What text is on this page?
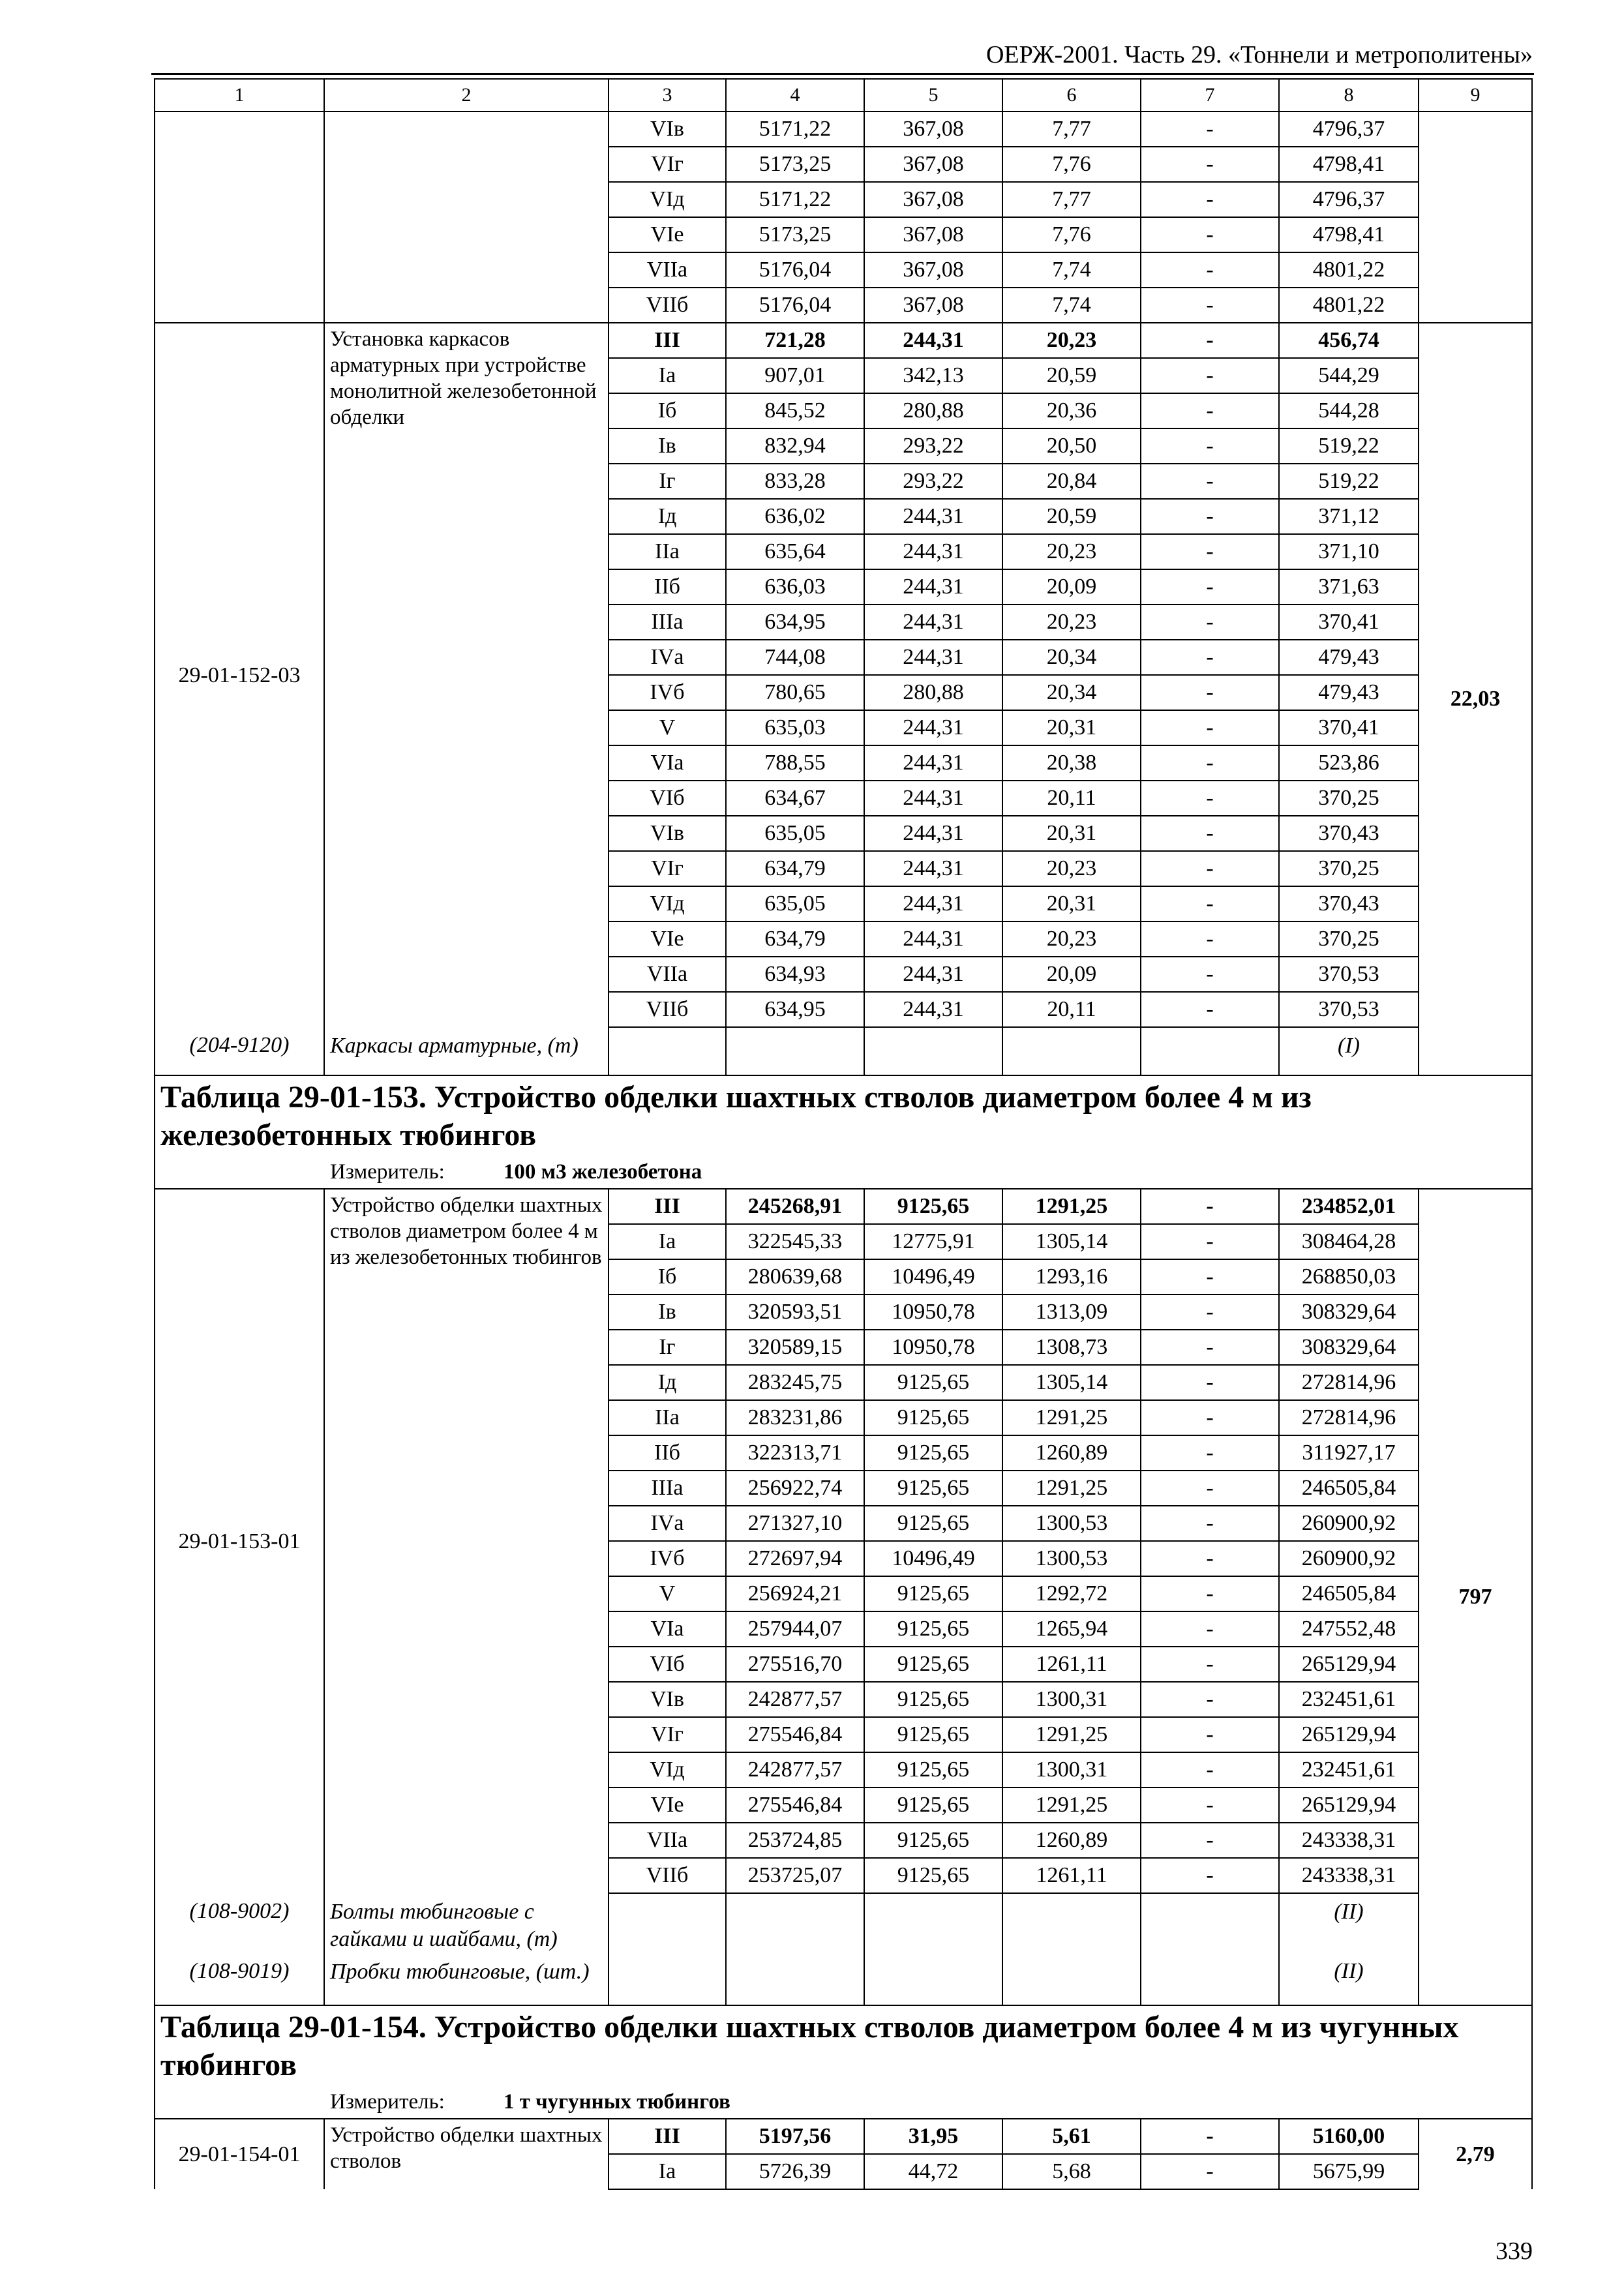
ОЕРЖ-2001. Часть 29. «Тоннели и метрополитены»
1	2	3	4	5	6	7	8	9
		VIв	5171,22	367,08	7,77	-	4796,37	
		VIг	5173,25	367,08	7,76	-	4798,41	
		VIд	5171,22	367,08	7,77	-	4796,37	
		VIе	5173,25	367,08	7,76	-	4798,41	
		VIIа	5176,04	367,08	7,74	-	4801,22	
		VIIб	5176,04	367,08	7,74	-	4801,22	
29-01-152-03	Установка каркасов арматурных при устройстве монолитной железобетонной обделки	III	721,28	244,31	20,23	-	456,74	22,03
		Iа	907,01	342,13	20,59	-	544,29	
		Iб	845,52	280,88	20,36	-	544,28	
		Iв	832,94	293,22	20,50	-	519,22	
		Iг	833,28	293,22	20,84	-	519,22	
		Iд	636,02	244,31	20,59	-	371,12	
		IIа	635,64	244,31	20,23	-	371,10	
		IIб	636,03	244,31	20,09	-	371,63	
		IIIа	634,95	244,31	20,23	-	370,41	
		IVа	744,08	244,31	20,34	-	479,43	
		IVб	780,65	280,88	20,34	-	479,43	
		V	635,03	244,31	20,31	-	370,41	
		VIа	788,55	244,31	20,38	-	523,86	
		VIб	634,67	244,31	20,11	-	370,25	
		VIв	635,05	244,31	20,31	-	370,43	
		VIг	634,79	244,31	20,23	-	370,25	
		VIд	635,05	244,31	20,31	-	370,43	
		VIе	634,79	244,31	20,23	-	370,25	
		VIIа	634,93	244,31	20,09	-	370,53	
		VIIб	634,95	244,31	20,11	-	370,53	
(204-9120)	Каркасы арматурные, (т)						(I)	

Таблица 29-01-153. Устройство обделки шахтных стволов диаметром более 4 м из железобетонных тюбингов
Измеритель: 100 м3 железобетона								

29-01-153-01	Устройство обделки шахтных стволов диаметром более 4 м из железобетонных тюбингов	III	245268,91	9125,65	1291,25	-	234852,01	797
		Iа	322545,33	12775,91	1305,14	-	308464,28	
		Iб	280639,68	10496,49	1293,16	-	268850,03	
		Iв	320593,51	10950,78	1313,09	-	308329,64	
		Iг	320589,15	10950,78	1308,73	-	308329,64	
		Iд	283245,75	9125,65	1305,14	-	272814,96	
		IIа	283231,86	9125,65	1291,25	-	272814,96	
		IIб	322313,71	9125,65	1260,89	-	311927,17	
		IIIа	256922,74	9125,65	1291,25	-	246505,84	
		IVа	271327,10	9125,65	1300,53	-	260900,92	
		IVб	272697,94	10496,49	1300,53	-	260900,92	
		V	256924,21	9125,65	1292,72	-	246505,84	
		VIа	257944,07	9125,65	1265,94	-	247552,48	
		VIб	275516,70	9125,65	1261,11	-	265129,94	
		VIв	242877,57	9125,65	1300,31	-	232451,61	
		VIг	275546,84	9125,65	1291,25	-	265129,94	
		VIд	242877,57	9125,65	1300,31	-	232451,61	
		VIе	275546,84	9125,65	1291,25	-	265129,94	
		VIIа	253724,85	9125,65	1260,89	-	243338,31	
		VIIб	253725,07	9125,65	1261,11	-	243338,31	
(108-9002)	Болты тюбинговые с гайками и шайбами, (т)						(II)	
(108-9019)	Пробки тюбинговые, (шт.)						(II)	

Таблица 29-01-154. Устройство обделки шахтных стволов диаметром более 4 м из чугунных тюбингов
Измеритель: 1 т чугунных тюбингов								

29-01-154-01	Устройство обделки шахтных стволов	III	5197,56	31,95	5,61	-	5160,00	2,79
		Iа	5726,39	44,72	5,68	-	5675,99	
339
